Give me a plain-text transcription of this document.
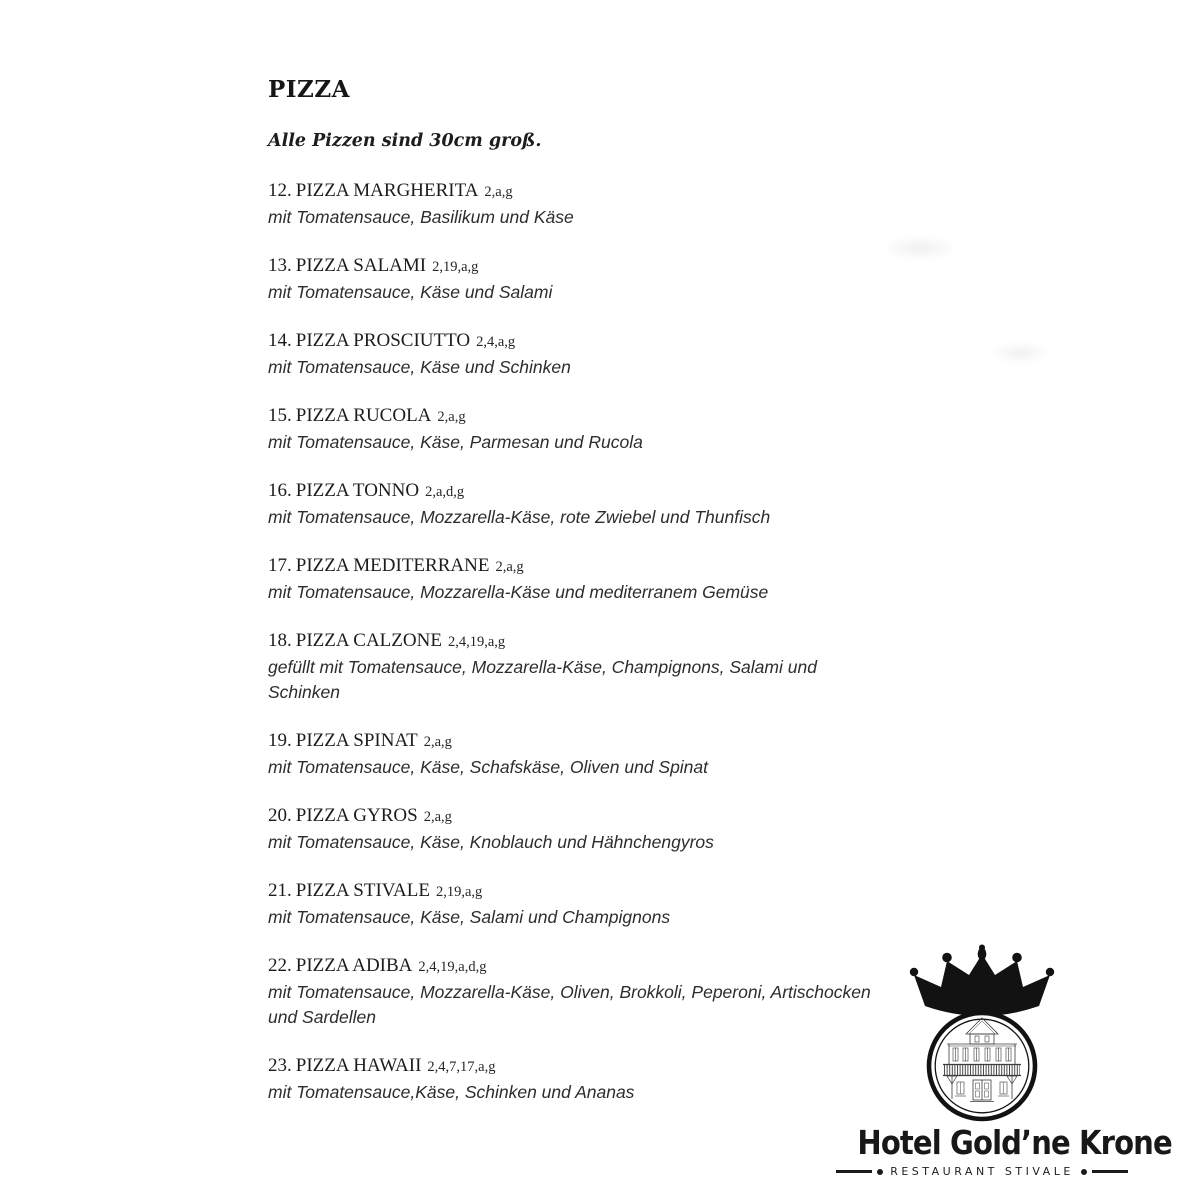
PIZZA

Alle Pizzen sind 30cm groß.

12. PIZZA MARGHERITA 2,a,g
mit Tomatensauce, Basilikum und Käse
13. PIZZA SALAMI 2,19,a,g
mit Tomatensauce, Käse und Salami
14. PIZZA PROSCIUTTO 2,4,a,g
mit Tomatensauce, Käse und Schinken
15. PIZZA RUCOLA 2,a,g
mit Tomatensauce, Käse, Parmesan und Rucola
16. PIZZA TONNO 2,a,d,g
mit Tomatensauce, Mozzarella-Käse, rote Zwiebel und Thunfisch
17. PIZZA MEDITERRANE 2,a,g
mit Tomatensauce, Mozzarella-Käse und mediterranem Gemüse
18. PIZZA CALZONE 2,4,19,a,g
gefüllt mit Tomatensauce, Mozzarella-Käse, Champignons, Salami und Schinken
19. PIZZA SPINAT 2,a,g
mit Tomatensauce, Käse, Schafskäse, Oliven und Spinat
20. PIZZA GYROS 2,a,g
mit Tomatensauce, Käse, Knoblauch und Hähnchengyros
21. PIZZA STIVALE 2,19,a,g
mit Tomatensauce, Käse, Salami und Champignons
22. PIZZA ADIBA 2,4,19,a,d,g
mit Tomatensauce, Mozzarella-Käse, Oliven, Brokkoli, Peperoni, Artischocken und Sardellen
23. PIZZA HAWAII 2,4,7,17,a,g
mit Tomatensauce,Käse, Schinken und Ananas
Hotel Gold’ne Krone
RESTAURANT STIVALE
